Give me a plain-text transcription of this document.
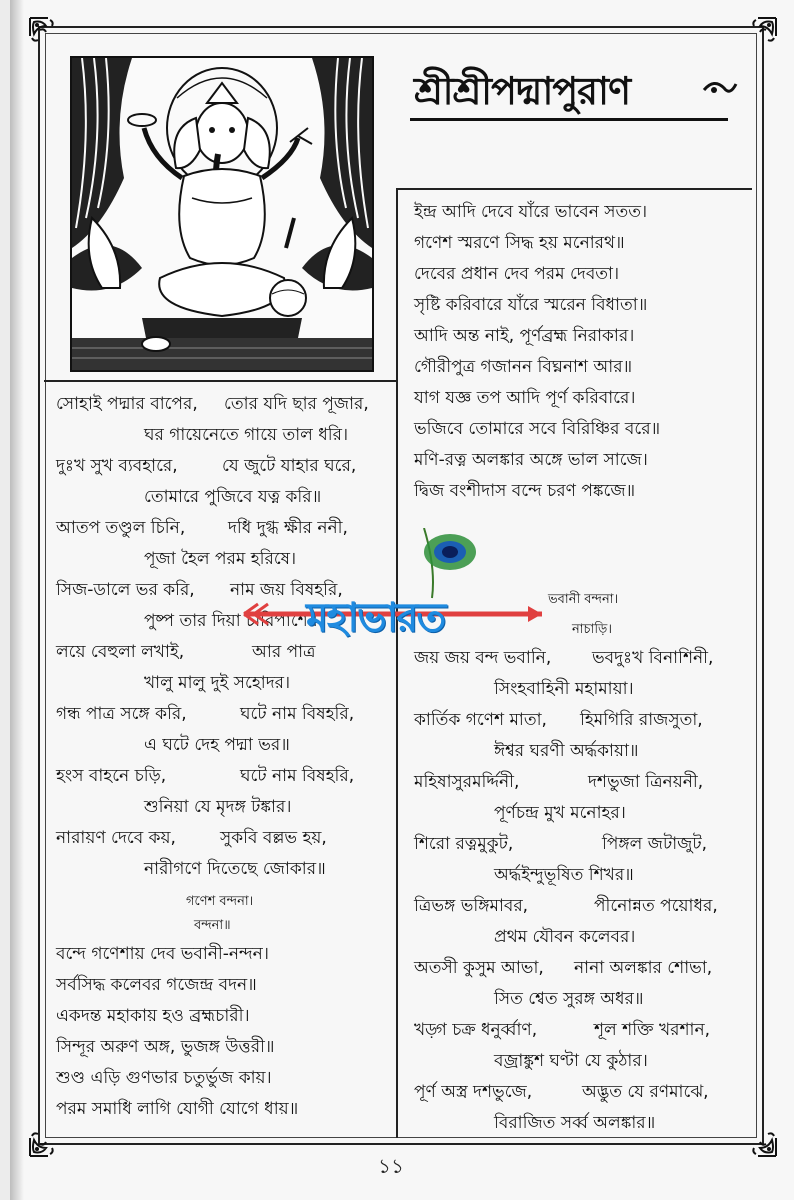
শ্রীশ্রীপদ্মাপুরাণ
সোহাই পদ্মার বাপের, তোর যদি ছার পূজার,
ঘর গায়েনেতে গায়ে তাল ধরি।
দুঃখ সুখ ব্যবহারে,	যে জুটে যাহার ঘরে,
তোমারে পুজিবে যত্ন করি॥
আতপ তণ্ডুল চিনি,	দধি দুগ্ধ ক্ষীর ননী,
পূজা হৈল পরম হরিষে।
সিজ-ডালে ভর করি, নাম জয় বিষহরি,
পুষ্প তার দিয়া চারিপাশে॥
লয়ে বেহুলা লখাই,	আর পাত্র
খালু মালু দুই সহোদর।
গন্ধ পাত্র সঙ্গে করি,	ঘটে নাম বিষহরি,
এ ঘটে দেহ পদ্মা ভর॥
হংস বাহনে চড়ি,	ঘটে নাম বিষহরি,
শুনিয়া যে মৃদঙ্গ টঙ্কার।
নারায়ণ দেবে কয়,	সুকবি বল্লভ হয়,
নারীগণে দিতেছে জোকার॥
গণেশ বন্দনা।
বন্দনা॥
বন্দে গণেশায় দেব ভবানী-নন্দন।
সর্বসিদ্ধ কলেবর গজেন্দ্র বদন॥
একদন্ত মহাকায় হও ব্রহ্মচারী।
সিন্দূর অরুণ অঙ্গ, ভুজঙ্গ উত্তরী॥
শুণ্ড এড়ি গুণভার চতুর্ভুজ কায়।
পরম সমাধি লাগি যোগী যোগে ধায়॥
ইন্দ্র আদি দেবে যাঁরে ভাবেন সতত।
গণেশ স্মরণে সিদ্ধ হয় মনোরথ॥
দেবের প্রধান দেব পরম দেবতা।
সৃষ্টি করিবারে যাঁরে স্মরেন বিধাতা॥
আদি অন্ত নাই, পূর্ণব্রহ্ম নিরাকার।
গৌরীপুত্র গজানন বিঘ্ননাশ আর॥
যাগ যজ্ঞ তপ আদি পূর্ণ করিবারে।
ভজিবে তোমারে সবে বিরিঞ্চির বরে॥
মণি-রত্ন অলঙ্কার অঙ্গে ভাল সাজে।
দ্বিজ বংশীদাস বন্দে চরণ পঙ্কজে॥
ভবানী বন্দনা।
নাচাড়ি।
জয় জয় বন্দ ভবানি, ভবদুঃখ বিনাশিনী,
সিংহবাহিনী মহামায়া।
কার্তিক গণেশ মাতা, হিমগিরি রাজসুতা,
ঈশ্বর ঘরণী অর্দ্ধকায়া॥
মহিষাসুরমর্দ্দিনী,	দশভুজা ত্রিনয়নী,
পূর্ণচন্দ্র মুখ মনোহর।
শিরো রত্নমুকুট,	পিঙ্গল জটাজুট,
অর্দ্ধইন্দুভূষিত শিখর॥
ত্রিভঙ্গ ভঙ্গিমাবর,	পীনোন্নত পয়োধর,
প্রথম যৌবন কলেবর।
অতসী কুসুম আভা, নানা অলঙ্কার শোভা,
সিত শ্বেত সুরঙ্গ অধর॥
খড়্গ চক্র ধনুর্ব্বাণ,	শূল শক্তি খরশান,
বজ্রাঙ্কুশ ঘণ্টা যে কুঠার।
পূর্ণ অস্ত্র দশভুজে,	অদ্ভুত যে রণমাঝে,
বিরাজিত সর্ব্ব অলঙ্কার॥
মহাভারত
১১
